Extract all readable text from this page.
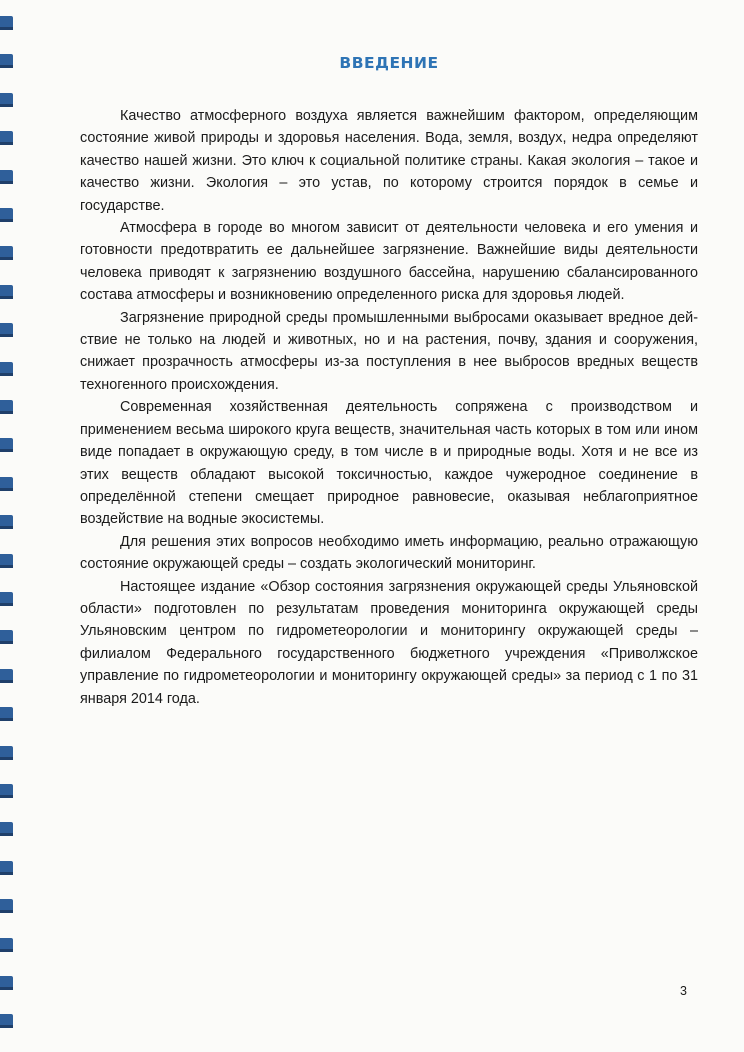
ВВЕДЕНИЕ

Качество атмосферного воздуха является важнейшим фактором, определяющим состояние живой природы и здоровья населения. Вода, земля, воздух, недра определяют качество нашей жизни. Это ключ к социальной политике страны. Какая экология – такое и качество жизни. Экология – это устав, по которому строится порядок в семье и государстве.

Атмосфера в городе во многом зависит от деятельности человека и его умения и готовности предотвратить ее дальнейшее загрязнение. Важнейшие виды деятельности человека приводят к загрязнению воздушного бассейна, нарушению сбалансированного состава атмосферы и возникновению определенного риска для здоровья людей.

Загрязнение природной среды промышленными выбросами оказывает вредное действие не только на людей и животных, но и на растения, почву, здания и сооружения, снижает прозрачность атмосферы из-за поступления в нее выбросов вредных веществ техногенного происхождения.

Современная хозяйственная деятельность сопряжена с производством и применением весьма широкого круга веществ, значительная часть которых в том или ином виде попадает в окружающую среду, в том числе в и природные воды. Хотя и не все из этих веществ обладают высокой токсичностью, каждое чужеродное соединение в определённой степени смещает природное равновесие, оказывая неблагоприятное воздействие на водные экосистемы.

Для решения этих вопросов необходимо иметь информацию, реально отражающую состояние окружающей среды – создать экологический мониторинг.

Настоящее издание «Обзор состояния загрязнения окружающей среды Ульяновской области» подготовлен по результатам проведения мониторинга окружающей среды Ульяновским центром по гидрометеорологии и мониторингу окружающей среды – филиалом Федерального государственного бюджетного учреждения «Приволжское управление по гидрометеорологии и мониторингу окружающей среды» за период с 1 по 31 января 2014 года.

3
